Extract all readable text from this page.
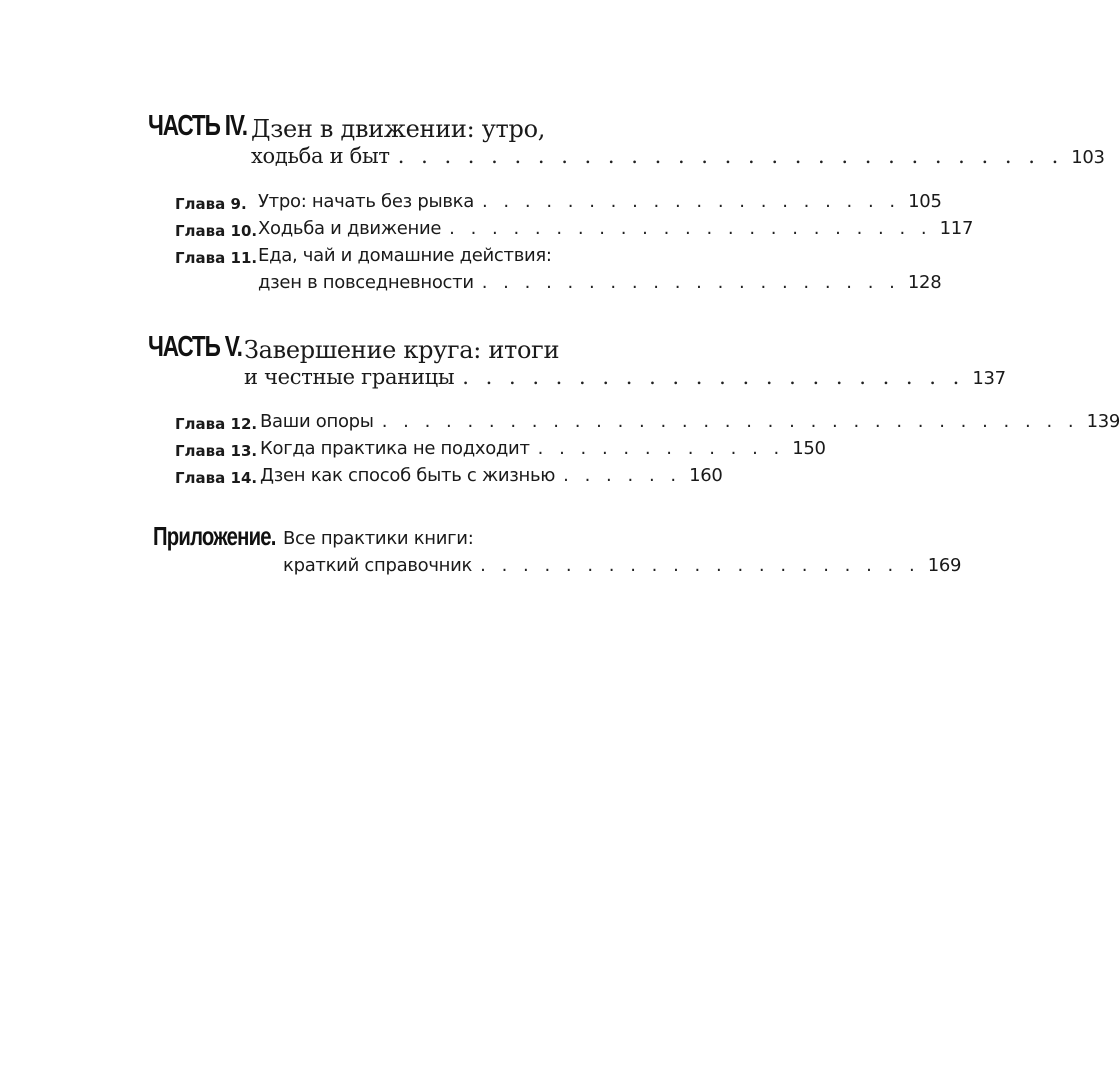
ЧАСТЬ IV. Дзен в движении: утро,
ходьба и быт . . . . . . . . . . . . . . . . . . . . . . . . . . . . . 103
Глава 9. Утро: начать без рывка . . . . . . . . . . . . . . . . . . . . 105
Глава 10. Ходьба и движение . . . . . . . . . . . . . . . . . . . . . . . 117
Глава 11. Еда, чай и домашние действия:
дзен в повседневности . . . . . . . . . . . . . . . . . . . . 128
ЧАСТЬ V. Завершение круга: итоги
и честные границы . . . . . . . . . . . . . . . . . . . . . . 137
Глава 12. Ваши опоры . . . . . . . . . . . . . . . . . . . . . . . . . . . . . . . . . 139
Глава 13. Когда практика не подходит . . . . . . . . . . . . 150
Глава 14. Дзен как способ быть с жизнью . . . . . . 160
Приложение. Все практики книги:
краткий справочник . . . . . . . . . . . . . . . . . . . . . 169
